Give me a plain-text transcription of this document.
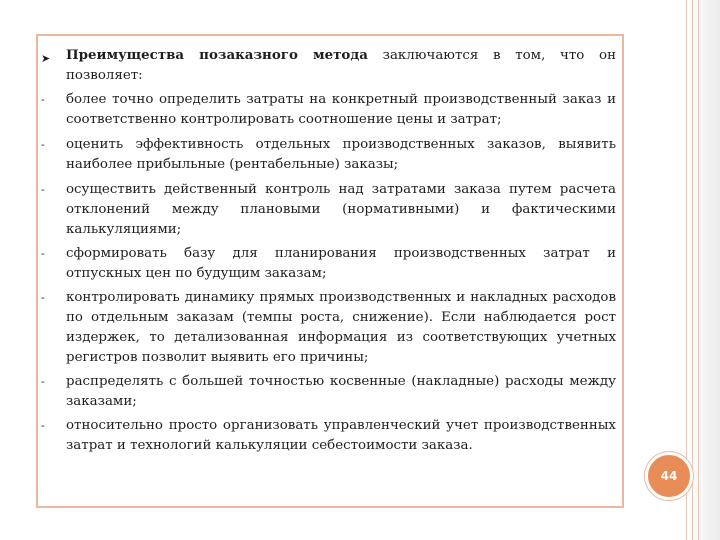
➤ Преимущества позаказного метода заключаются в том, что он позволяет:
- более точно определить затраты на конкретный производственный заказ и соответственно контролировать соотношение цены и затрат;
- оценить эффективность отдельных производственных заказов, выявить наиболее прибыльные (рентабельные) заказы;
- осуществить действенный контроль над затратами заказа путем расчета отклонений между плановыми (нормативными) и фактическими калькуляциями;
- сформировать базу для планирования производственных затрат и отпускных цен по будущим заказам;
- контролировать динамику прямых производственных и накладных расходов по отдельным заказам (темпы роста, снижение). Если наблюдается рост издержек, то детализованная информация из соответствующих учетных регистров позволит выявить его причины;
- распределять с большей точностью косвенные (накладные) расходы между заказами;
- относительно просто организовать управленческий учет производственных затрат и технологий калькуляции себестоимости заказа.
44
